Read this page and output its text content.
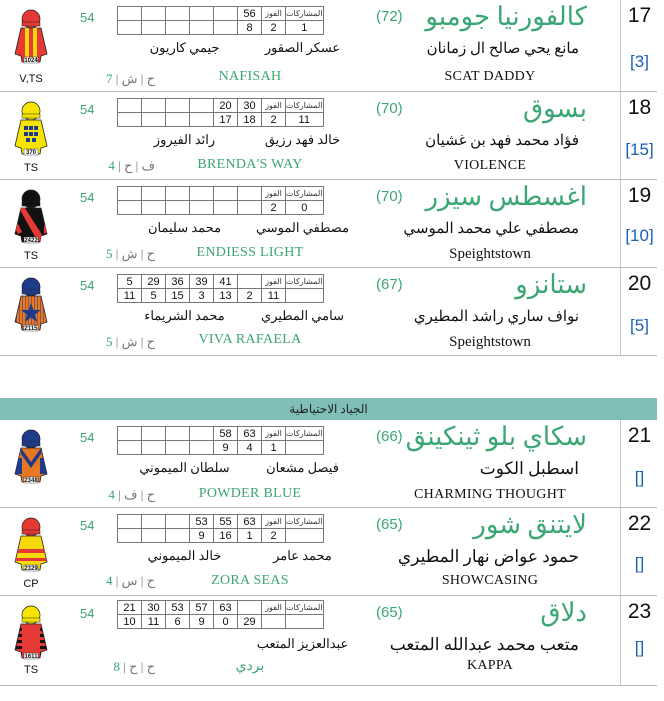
17
[3]
كالفورنيا جومبو
(72)
مانع يحي صالح ال زمانان
SCAT DADDY
NAFISAH
جيمي كاريون	عسكر الصقور
54
ح | ش | 7
1024
V,TS
					56	الفوز	المشاركات
					8	2	1
18
[15]
بسوق
(70)
فؤاد محمد فهد بن غشيان
VIOLENCE
BRENDA'S WAY
رائد الفيروز	خالد فهد رزيق
54
ف | ح | 4
370
TS
				20	30	الفوز	المشاركات
				17	18	2	11
19
[10]
اغسطس سيزر
(70)
مصطفي علي محمد الموسي
Speightstown
ENDIESS LIGHT
محمد سليمان	مصطفي الموسي
54
ح | ش | 5
2422
TS
						الفوز	المشاركات
						2	0
20
[5]
ستانزو
(67)
نواف ساري راشد المطيري
Speightstown
VIVA RAFAELA
محمد الشريماء	سامي المطيري
54
ح | ش | 5
2115
5	29	36	39	41		الفوز	المشاركات
11	5	15	3	13	2	11	
21
[]
سكاي بلو ثينكينق
(66)
اسطبل الكوت
CHARMING THOUGHT
POWDER BLUE
سلطان الميموني	فيصل مشعان
54
ح | ف | 4
2348
				58	63	الفوز	المشاركات
				9	4	1	
22
[]
لايتنق شور
(65)
حمود عواض نهار المطيري
SHOWCASING
ZORA SEAS
خالد الميموني	محمد عامر
54
ح | س | 4
2329
CP
			53	55	63	الفوز	المشاركات
			9	16	1	2	
23
[]
دلاق
(65)
متعب محمد عبدالله المتعب
KAPPA
بردي
عبدالعزيز المتعب
54
ح | ح | 8
1611
TS
21	30	53	57	63		الفوز	المشاركات
10	11	6	9	0	29		
الجياد الاحتياطية
